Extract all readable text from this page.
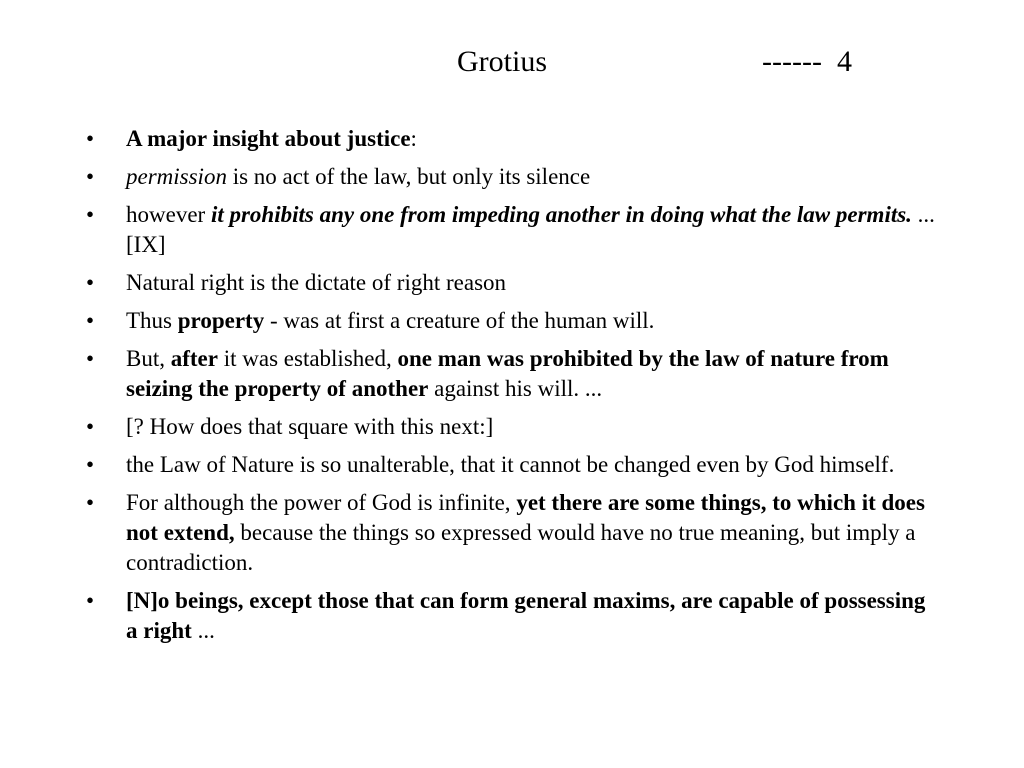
Grotius	------  4
•	A major insight about justice:
•	permission is no act of the law, but only its silence
•	however it prohibits any one from impeding another in doing what the law permits. ... [IX]
•	Natural right is the dictate of right reason
•	Thus property - was at first a creature of the human will.
•	But, after it was established, one man was prohibited by the law of nature from seizing the property of another against his will. ...
•	[? How does that square with this next:]
•	the Law of Nature is so unalterable, that it cannot be changed even by God himself.
•	For although the power of God is infinite, yet there are some things, to which it does not extend, because the things so expressed would have no true meaning, but imply a contradiction.
•	[N]o beings, except those that can form general maxims, are capable of possessing a right ...
